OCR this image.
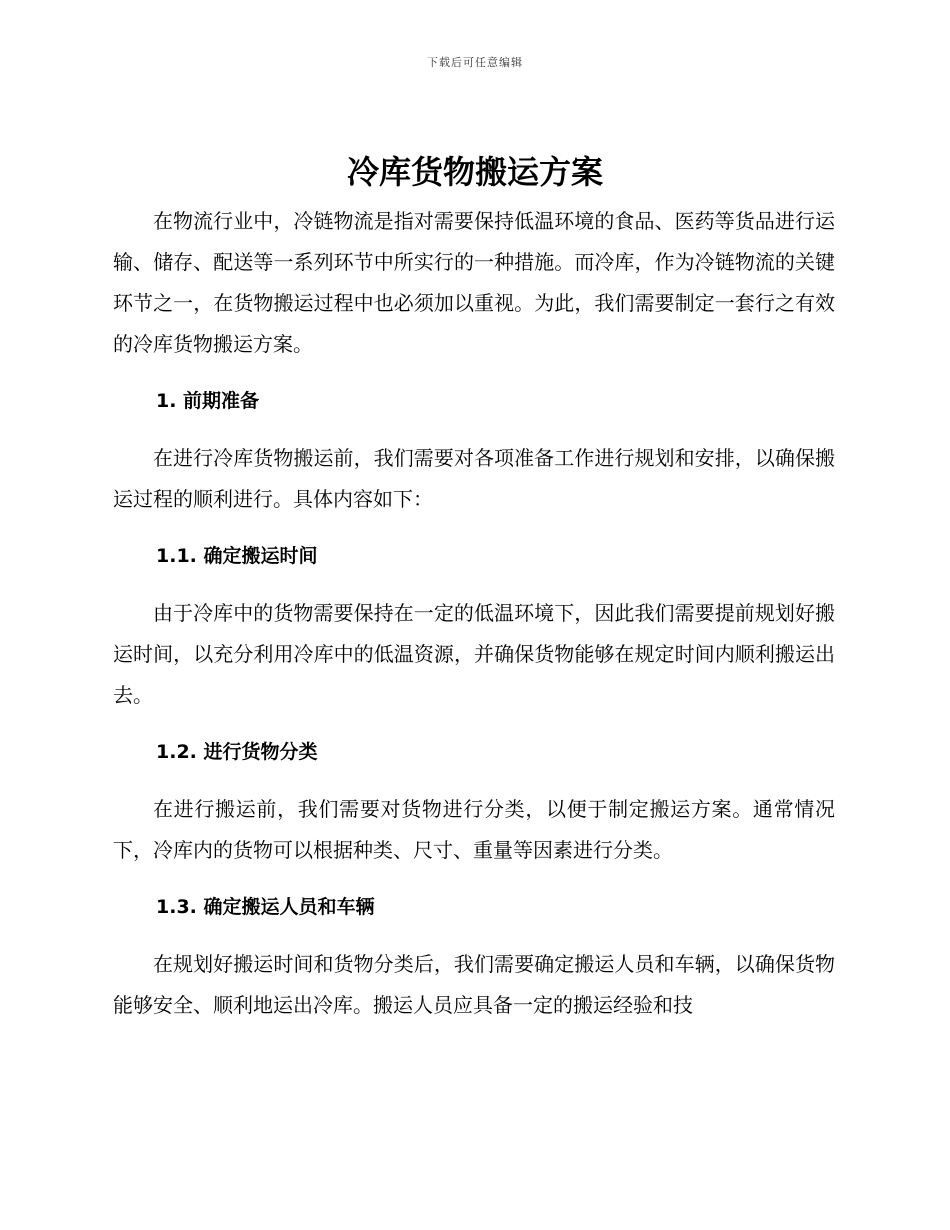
下载后可任意编辑
冷库货物搬运方案

在物流行业中，冷链物流是指对需要保持低温环境的食品、医药等货品进行运输、储存、配送等一系列环节中所实行的一种措施。而冷库，作为冷链物流的关键环节之一，在货物搬运过程中也必须加以重视。为此，我们需要制定一套行之有效的冷库货物搬运方案。

1. 前期准备

在进行冷库货物搬运前，我们需要对各项准备工作进行规划和安排，以确保搬运过程的顺利进行。具体内容如下：

1.1. 确定搬运时间

由于冷库中的货物需要保持在一定的低温环境下，因此我们需要提前规划好搬运时间，以充分利用冷库中的低温资源，并确保货物能够在规定时间内顺利搬运出去。

1.2. 进行货物分类

在进行搬运前，我们需要对货物进行分类，以便于制定搬运方案。通常情况下，冷库内的货物可以根据种类、尺寸、重量等因素进行分类。

1.3. 确定搬运人员和车辆

在规划好搬运时间和货物分类后，我们需要确定搬运人员和车辆，以确保货物能够安全、顺利地运出冷库。搬运人员应具备一定的搬运经验和技
